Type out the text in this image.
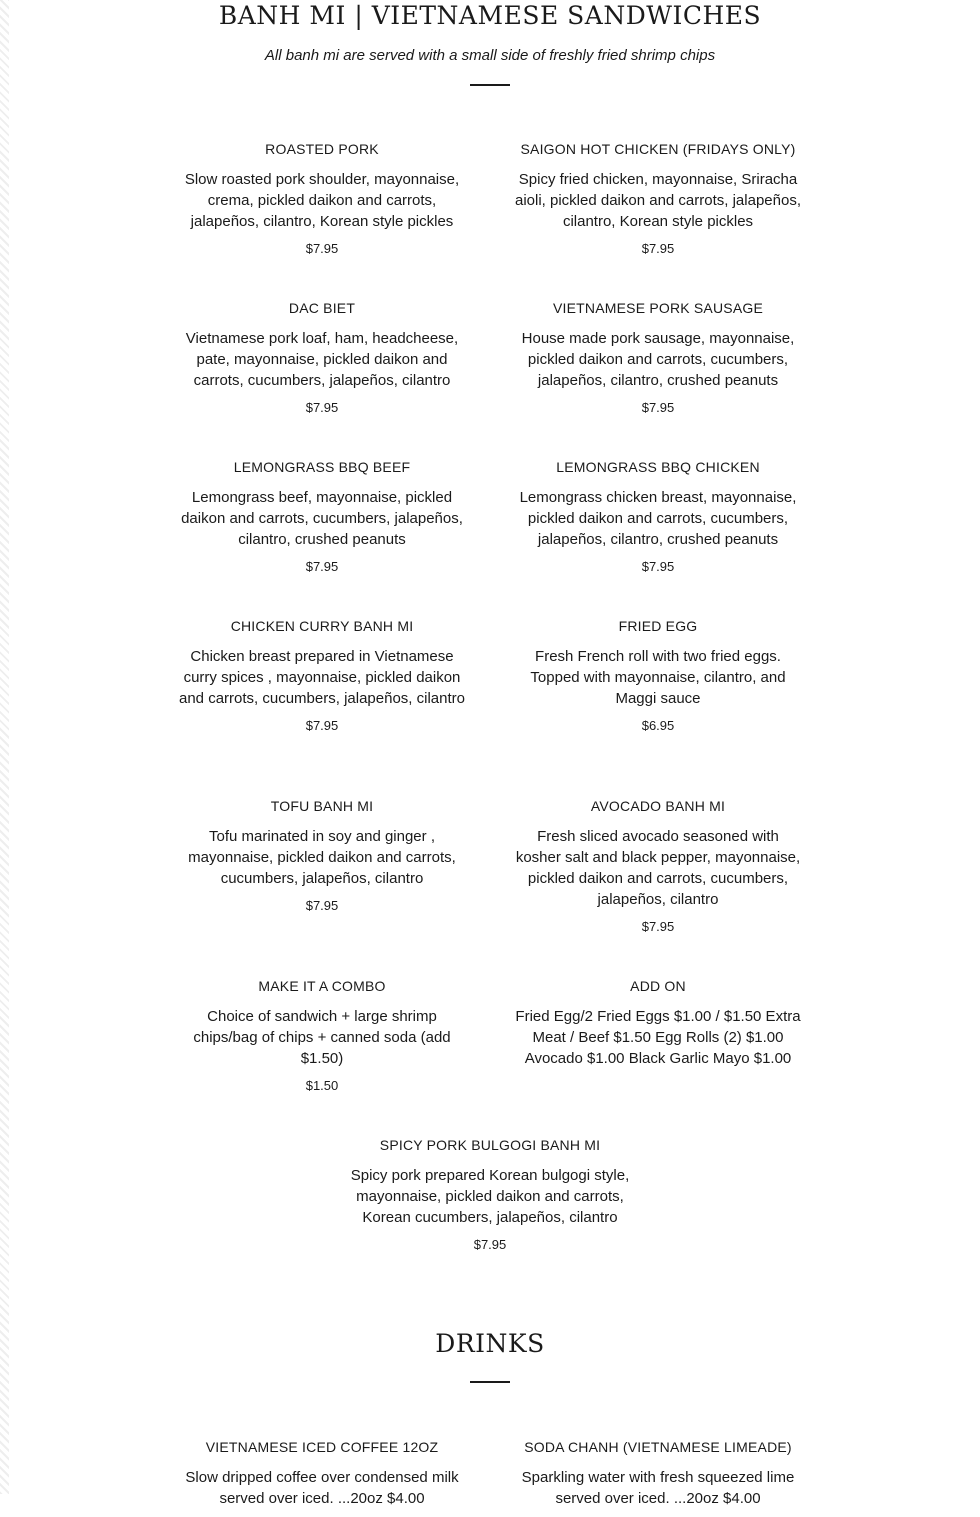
BANH MI | VIETNAMESE SANDWICHES
All banh mi are served with a small side of freshly fried shrimp chips
ROASTED PORK
Slow roasted pork shoulder, mayonnaise, crema, pickled daikon and carrots, jalapeños, cilantro, Korean style pickles
$7.95
SAIGON HOT CHICKEN (FRIDAYS ONLY)
Spicy fried chicken, mayonnaise, Sriracha aioli, pickled daikon and carrots, jalapeños, cilantro, Korean style pickles
$7.95
DAC BIET
Vietnamese pork loaf, ham, headcheese, pate, mayonnaise, pickled daikon and carrots, cucumbers, jalapeños, cilantro
$7.95
VIETNAMESE PORK SAUSAGE
House made pork sausage, mayonnaise, pickled daikon and carrots, cucumbers, jalapeños, cilantro, crushed peanuts
$7.95
LEMONGRASS BBQ BEEF
Lemongrass beef, mayonnaise, pickled daikon and carrots, cucumbers, jalapeños, cilantro, crushed peanuts
$7.95
LEMONGRASS BBQ CHICKEN
Lemongrass chicken breast, mayonnaise, pickled daikon and carrots, cucumbers, jalapeños, cilantro, crushed peanuts
$7.95
CHICKEN CURRY BANH MI
Chicken breast prepared in Vietnamese curry spices , mayonnaise, pickled daikon and carrots, cucumbers, jalapeños, cilantro
$7.95
FRIED EGG
Fresh French roll with two fried eggs. Topped with mayonnaise, cilantro, and Maggi sauce
$6.95
TOFU BANH MI
Tofu marinated in soy and ginger , mayonnaise, pickled daikon and carrots, cucumbers, jalapeños, cilantro
$7.95
AVOCADO BANH MI
Fresh sliced avocado seasoned with kosher salt and black pepper, mayonnaise, pickled daikon and carrots, cucumbers, jalapeños, cilantro
$7.95
MAKE IT A COMBO
Choice of sandwich + large shrimp chips/bag of chips + canned soda (add $1.50)
$1.50
ADD ON
Fried Egg/2 Fried Eggs $1.00 / $1.50 Extra Meat / Beef $1.50 Egg Rolls (2) $1.00 Avocado $1.00 Black Garlic Mayo $1.00
SPICY PORK BULGOGI BANH MI
Spicy pork prepared Korean bulgogi style, mayonnaise, pickled daikon and carrots, Korean cucumbers, jalapeños, cilantro
$7.95
DRINKS
VIETNAMESE ICED COFFEE 12OZ
Slow dripped coffee over condensed milk served over iced. ...20oz $4.00
SODA CHANH (VIETNAMESE LIMEADE)
Sparkling water with fresh squeezed lime served over iced. ...20oz $4.00
